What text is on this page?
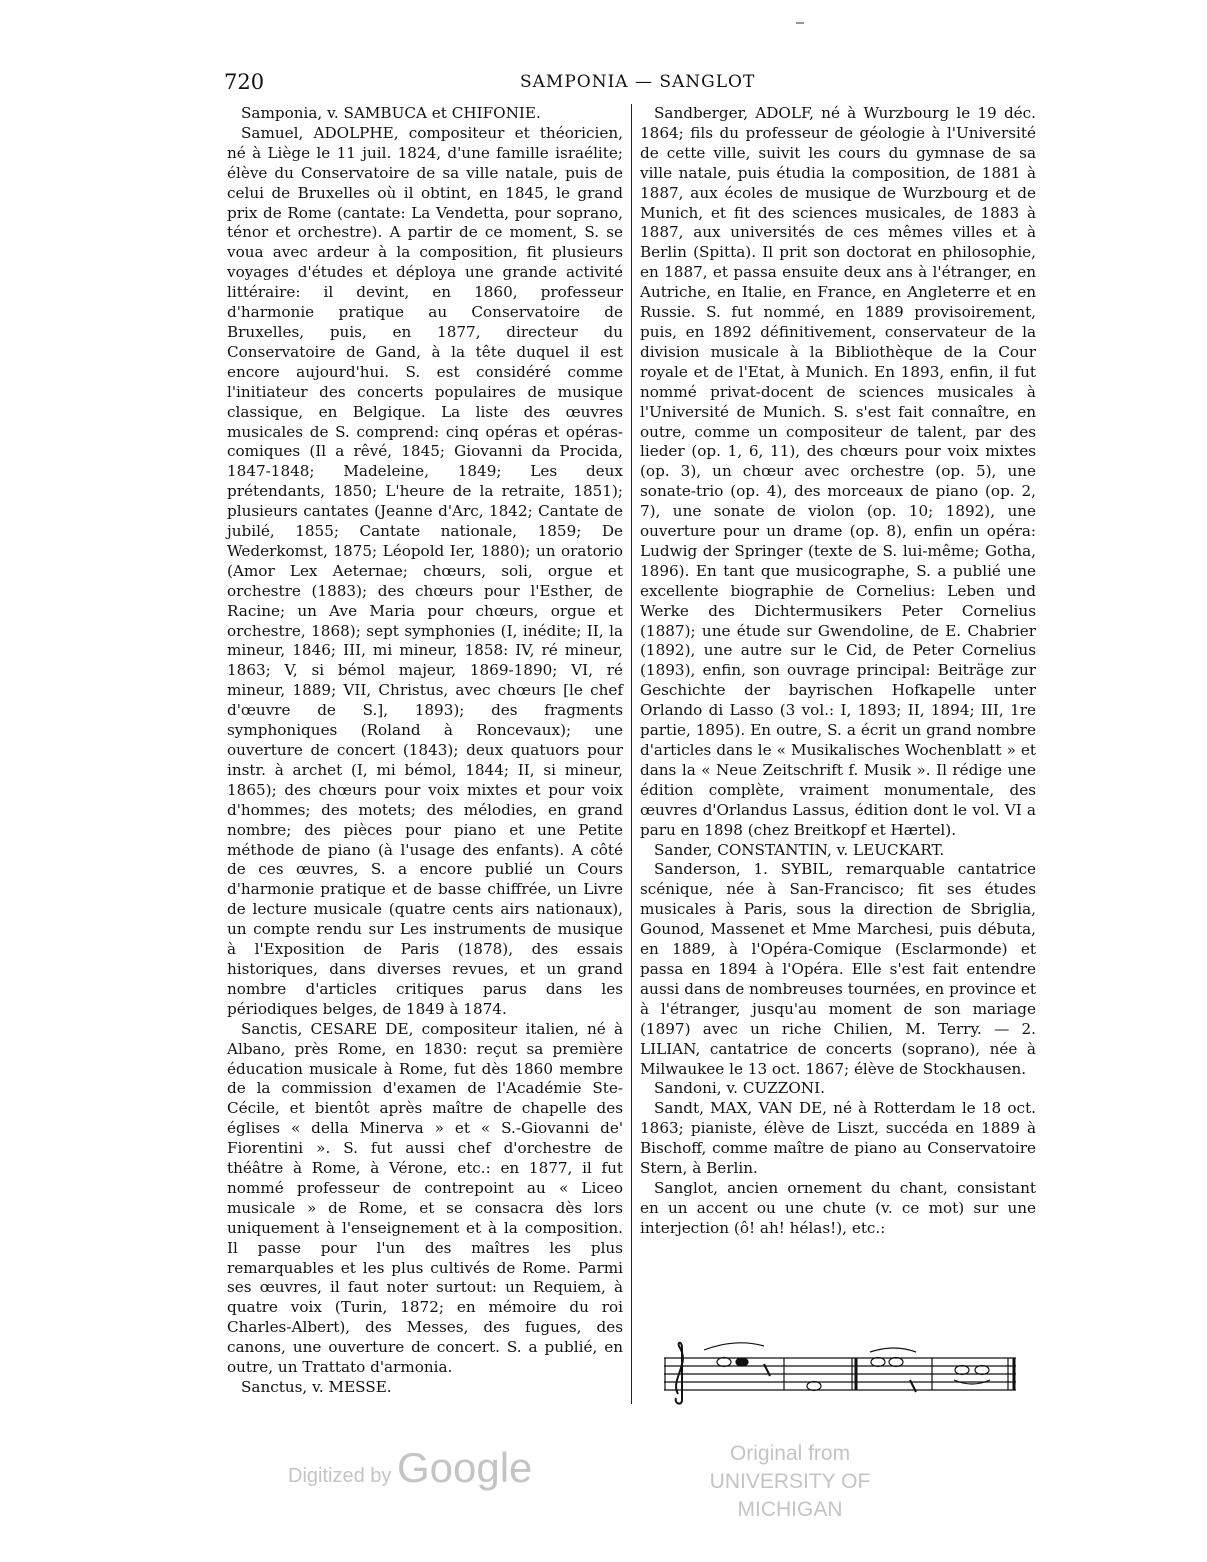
720	SAMPONIA — SANGLOT

Samponia, v. SAMBUCA et CHIFONIE.

Samuel, ADOLPHE, compositeur et théoricien, né à Liège le 11 juil. 1824, d'une famille israélite; élève du Conservatoire de sa ville natale, puis de celui de Bruxelles où il obtint, en 1845, le grand prix de Rome (cantate: La Vendetta, pour soprano, ténor et orchestre). A partir de ce moment, S. se voua avec ardeur à la composition, fit plusieurs voyages d'études et déploya une grande activité littéraire: il devint, en 1860, professeur d'harmonie pratique au Conservatoire de Bruxelles, puis, en 1877, directeur du Conservatoire de Gand, à la tête duquel il est encore aujourd'hui. S. est considéré comme l'initiateur des concerts populaires de musique classique, en Belgique. La liste des œuvres musicales de S. comprend: cinq opéras et opéras-comiques (Il a rêvé, 1845; Giovanni da Procida, 1847-1848; Madeleine, 1849; Les deux prétendants, 1850; L'heure de la retraite, 1851); plusieurs cantates (Jeanne d'Arc, 1842; Cantate de jubilé, 1855; Cantate nationale, 1859; De Wederkomst, 1875; Léopold Ier, 1880); un oratorio (Amor Lex Aeternae; chœurs, soli, orgue et orchestre (1883); des chœurs pour l'Esther, de Racine; un Ave Maria pour chœurs, orgue et orchestre, 1868); sept symphonies (I, inédite; II, la mineur, 1846; III, mi mineur, 1858: IV, ré mineur, 1863; V, si bémol majeur, 1869-1890; VI, ré mineur, 1889; VII, Christus, avec chœurs [le chef d'œuvre de S.], 1893); des fragments symphoniques (Roland à Roncevaux); une ouverture de concert (1843); deux quatuors pour instr. à archet (I, mi bémol, 1844; II, si mineur, 1865); des chœurs pour voix mixtes et pour voix d'hommes; des motets; des mélodies, en grand nombre; des pièces pour piano et une Petite méthode de piano (à l'usage des enfants). A côté de ces œuvres, S. a encore publié un Cours d'harmonie pratique et de basse chiffrée, un Livre de lecture musicale (quatre cents airs nationaux), un compte rendu sur Les instruments de musique à l'Exposition de Paris (1878), des essais historiques, dans diverses revues, et un grand nombre d'articles critiques parus dans les périodiques belges, de 1849 à 1874.

Sanctis, CESARE DE, compositeur italien, né à Albano, près Rome, en 1830: reçut sa première éducation musicale à Rome, fut dès 1860 membre de la commission d'examen de l'Académie Ste-Cécile, et bientôt après maître de chapelle des églises « della Minerva » et « S.-Giovanni de' Fiorentini ». S. fut aussi chef d'orchestre de théâtre à Rome, à Vérone, etc.: en 1877, il fut nommé professeur de contrepoint au « Liceo musicale » de Rome, et se consacra dès lors uniquement à l'enseignement et à la composition. Il passe pour l'un des maîtres les plus remarquables et les plus cultivés de Rome. Parmi ses œuvres, il faut noter surtout: un Requiem, à quatre voix (Turin, 1872; en mémoire du roi Charles-Albert), des Messes, des fugues, des canons, une ouverture de concert. S. a publié, en outre, un Trattato d'armonia.

Sanctus, v. MESSE.

Sandberger, ADOLF, né à Wurzbourg le 19 déc. 1864; fils du professeur de géologie à l'Université de cette ville, suivit les cours du gymnase de sa ville natale, puis étudia la composition, de 1881 à 1887, aux écoles de musique de Wurzbourg et de Munich, et fit des sciences musicales, de 1883 à 1887, aux universités de ces mêmes villes et à Berlin (Spitta). Il prit son doctorat en philosophie, en 1887, et passa ensuite deux ans à l'étranger, en Autriche, en Italie, en France, en Angleterre et en Russie. S. fut nommé, en 1889 provisoirement, puis, en 1892 définitivement, conservateur de la division musicale à la Bibliothèque de la Cour royale et de l'Etat, à Munich. En 1893, enfin, il fut nommé privat-docent de sciences musicales à l'Université de Munich. S. s'est fait connaître, en outre, comme un compositeur de talent, par des lieder (op. 1, 6, 11), des chœurs pour voix mixtes (op. 3), un chœur avec orchestre (op. 5), une sonate-trio (op. 4), des morceaux de piano (op. 2, 7), une sonate de violon (op. 10; 1892), une ouverture pour un drame (op. 8), enfin un opéra: Ludwig der Springer (texte de S. lui-même; Gotha, 1896). En tant que musicographe, S. a publié une excellente biographie de Cornelius: Leben und Werke des Dichtermusikers Peter Cornelius (1887); une étude sur Gwendoline, de E. Chabrier (1892), une autre sur le Cid, de Peter Cornelius (1893), enfin, son ouvrage principal: Beiträge zur Geschichte der bayrischen Hofkapelle unter Orlando di Lasso (3 vol.: I, 1893; II, 1894; III, 1re partie, 1895). En outre, S. a écrit un grand nombre d'articles dans le « Musikalisches Wochenblatt » et dans la « Neue Zeitschrift f. Musik ». Il rédige une édition complète, vraiment monumentale, des œuvres d'Orlandus Lassus, édition dont le vol. VI a paru en 1898 (chez Breitkopf et Hærtel).

Sander, CONSTANTIN, v. LEUCKART.

Sanderson, 1. SYBIL, remarquable cantatrice scénique, née à San-Francisco; fit ses études musicales à Paris, sous la direction de Sbriglia, Gounod, Massenet et Mme Marchesi, puis débuta, en 1889, à l'Opéra-Comique (Esclarmonde) et passa en 1894 à l'Opéra. Elle s'est fait entendre aussi dans de nombreuses tournées, en province et à l'étranger, jusqu'au moment de son mariage (1897) avec un riche Chilien, M. Terry. — 2. LILIAN, cantatrice de concerts (soprano), née à Milwaukee le 13 oct. 1867; élève de Stockhausen.

Sandoni, v. CUZZONI.

Sandt, MAX, VAN DE, né à Rotterdam le 18 oct. 1863; pianiste, élève de Liszt, succéda en 1889 à Bischoff, comme maître de piano au Conservatoire Stern, à Berlin.

Sanglot, ancien ornement du chant, consistant en un accent ou une chute (v. ce mot) sur une interjection (ô! ah! hélas!), etc.:

Digitized by Google	Original from
UNIVERSITY OF MICHIGAN
